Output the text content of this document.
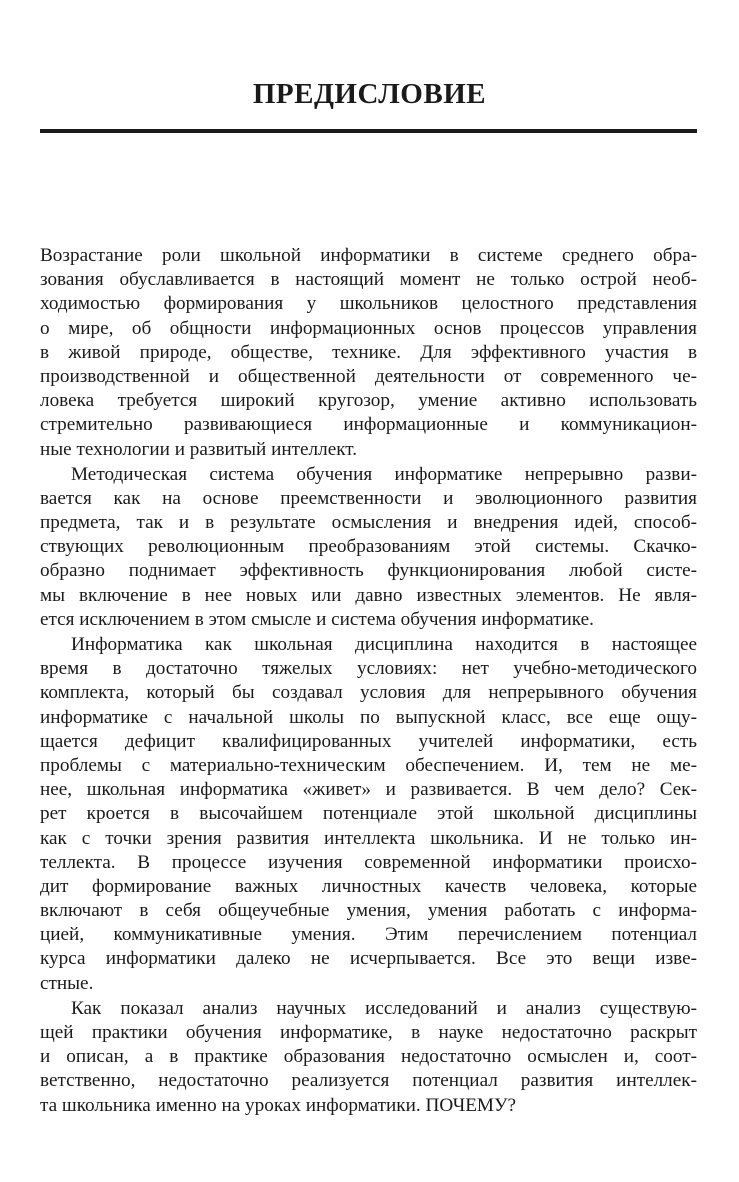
ПРЕДИСЛОВИЕ
Возрастание роли школьной информатики в системе среднего обра-
зования обуславливается в настоящий момент не только острой необ-
ходимостью формирования у школьников целостного представления
о мире, об общности информационных основ процессов управления
в живой природе, обществе, технике. Для эффективного участия в
производственной и общественной деятельности от современного че-
ловека требуется широкий кругозор, умение активно использовать
стремительно развивающиеся информационные и коммуникацион-
ные технологии и развитый интеллект.
Методическая система обучения информатике непрерывно разви-
вается как на основе преемственности и эволюционного развития
предмета, так и в результате осмысления и внедрения идей, способ-
ствующих революционным преобразованиям этой системы. Скачко-
образно поднимает эффективность функционирования любой систе-
мы включение в нее новых или давно известных элементов. Не явля-
ется исключением в этом смысле и система обучения информатике.
Информатика как школьная дисциплина находится в настоящее
время в достаточно тяжелых условиях: нет учебно-методического
комплекта, который бы создавал условия для непрерывного обучения
информатике с начальной школы по выпускной класс, все еще ощу-
щается дефицит квалифицированных учителей информатики, есть
проблемы с материально-техническим обеспечением. И, тем не ме-
нее, школьная информатика «живет» и развивается. В чем дело? Сек-
рет кроется в высочайшем потенциале этой школьной дисциплины
как с точки зрения развития интеллекта школьника. И не только ин-
теллекта. В процессе изучения современной информатики происхо-
дит формирование важных личностных качеств человека, которые
включают в себя общеучебные умения, умения работать с информа-
цией, коммуникативные умения. Этим перечислением потенциал
курса информатики далеко не исчерпывается. Все это вещи изве-
стные.
Как показал анализ научных исследований и анализ существую-
щей практики обучения информатике, в науке недостаточно раскрыт
и описан, а в практике образования недостаточно осмыслен и, соот-
ветственно, недостаточно реализуется потенциал развития интеллек-
та школьника именно на уроках информатики. ПОЧЕМУ?
